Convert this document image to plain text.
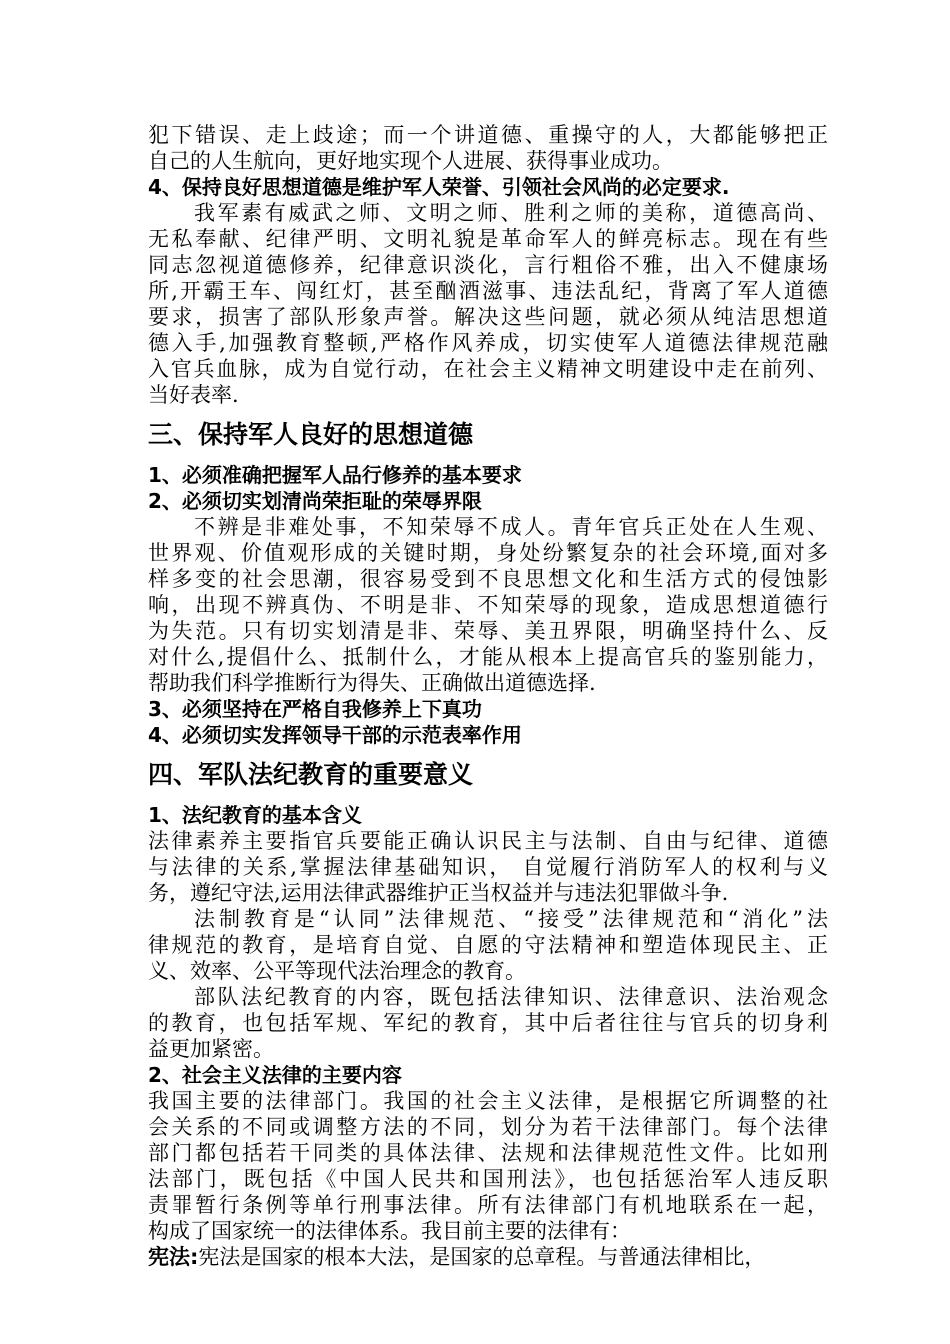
犯下错误、走上歧途；而一个讲道德、重操守的人，大都能够把正
自己的人生航向，更好地实现个人进展、获得事业成功。
4、保持良好思想道德是维护军人荣誉、引领社会风尚的必定要求.
我军素有威武之师、文明之师、胜利之师的美称，道德高尚、
无私奉献、纪律严明、文明礼貌是革命军人的鲜亮标志。现在有些
同志忽视道德修养，纪律意识淡化，言行粗俗不雅，出入不健康场
所,开霸王车、闯红灯，甚至酗酒滋事、违法乱纪，背离了军人道德
要求，损害了部队形象声誉。解决这些问题，就必须从纯洁思想道
德入手,加强教育整顿,严格作风养成，切实使军人道德法律规范融
入官兵血脉，成为自觉行动，在社会主义精神文明建设中走在前列、
当好表率.
三、保持军人良好的思想道德
1、必须准确把握军人品行修养的基本要求
2、必须切实划清尚荣拒耻的荣辱界限
不辨是非难处事，不知荣辱不成人。青年官兵正处在人生观、
世界观、价值观形成的关键时期，身处纷繁复杂的社会环境,面对多
样多变的社会思潮，很容易受到不良思想文化和生活方式的侵蚀影
响，出现不辨真伪、不明是非、不知荣辱的现象，造成思想道德行
为失范。只有切实划清是非、荣辱、美丑界限，明确坚持什么、反
对什么,提倡什么、抵制什么，才能从根本上提高官兵的鉴别能力，
帮助我们科学推断行为得失、正确做出道德选择.
3、必须坚持在严格自我修养上下真功
4、必须切实发挥领导干部的示范表率作用
四、军队法纪教育的重要意义
1、法纪教育的基本含义
法律素养主要指官兵要能正确认识民主与法制、自由与纪律、道德
与法律的关系,掌握法律基础知识， 自觉履行消防军人的权利与义
务，遵纪守法,运用法律武器维护正当权益并与违法犯罪做斗争.
法制教育是“认同”法律规范、“接受”法律规范和“消化”法
律规范的教育，是培育自觉、自愿的守法精神和塑造体现民主、正
义、效率、公平等现代法治理念的教育。
部队法纪教育的内容，既包括法律知识、法律意识、法治观念
的教育，也包括军规、军纪的教育，其中后者往往与官兵的切身利
益更加紧密。
2、社会主义法律的主要内容
我国主要的法律部门。我国的社会主义法律，是根据它所调整的社
会关系的不同或调整方法的不同，划分为若干法律部门。每个法律
部门都包括若干同类的具体法律、法规和法律规范性文件。比如刑
法部门，既包括《中国人民共和国刑法》，也包括惩治军人违反职
责罪暂行条例等单行刑事法律。所有法律部门有机地联系在一起，
构成了国家统一的法律体系。我目前主要的法律有：
宪法:宪法是国家的根本大法，是国家的总章程。与普通法律相比，
